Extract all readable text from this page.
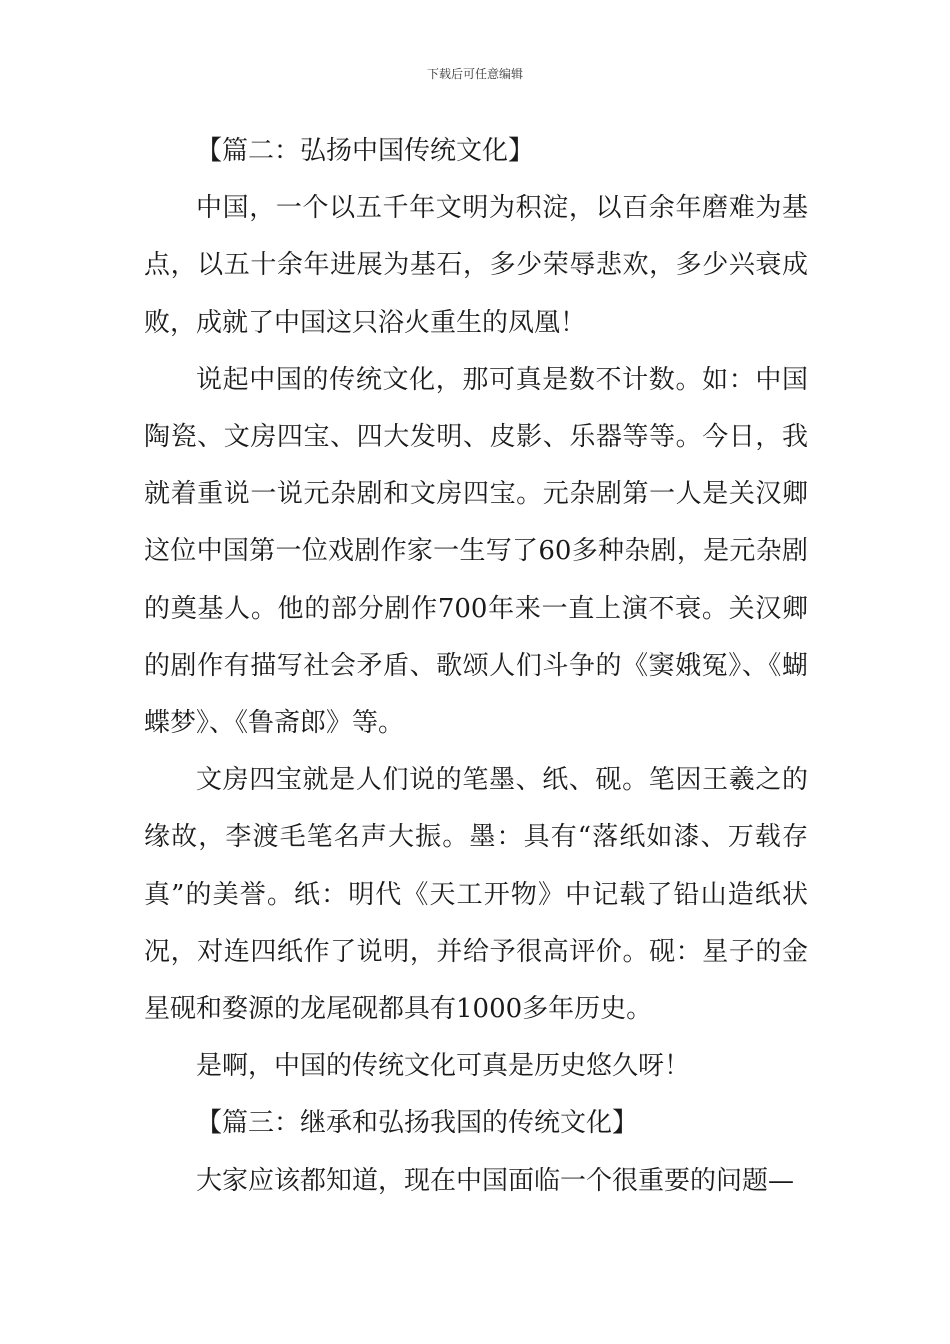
下载后可任意编辑

【篇二：弘扬中国传统文化】

中国，一个以五千年文明为积淀，以百余年磨难为基点，以五十余年进展为基石，多少荣辱悲欢，多少兴衰成败，成就了中国这只浴火重生的凤凰！

说起中国的传统文化，那可真是数不计数。如：中国陶瓷、文房四宝、四大发明、皮影、乐器等等。今日，我就着重说一说元杂剧和文房四宝。元杂剧第一人是关汉卿这位中国第一位戏剧作家一生写了60多种杂剧，是元杂剧的奠基人。他的部分剧作700年来一直上演不衰。关汉卿的剧作有描写社会矛盾、歌颂人们斗争的《窦娥冤》、《蝴蝶梦》、《鲁斋郎》等。

文房四宝就是人们说的笔墨、纸、砚。笔因王羲之的缘故，李渡毛笔名声大振。墨：具有“落纸如漆、万载存真”的美誉。纸：明代《天工开物》中记载了铅山造纸状况，对连四纸作了说明，并给予很高评价。砚：星子的金星砚和婺源的龙尾砚都具有1000多年历史。

是啊，中国的传统文化可真是历史悠久呀！

【篇三：继承和弘扬我国的传统文化】

大家应该都知道，现在中国面临一个很重要的问题—
